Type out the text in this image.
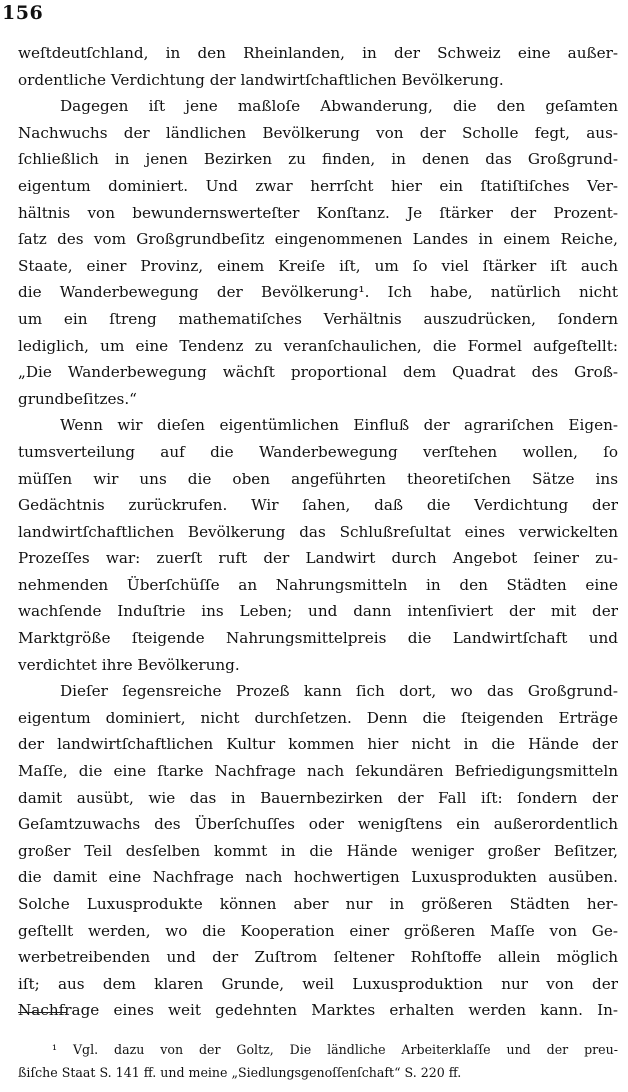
156
weſtdeutſchland, in den Rheinlanden, in der Schweiz eine außer-
ordentliche Verdichtung der landwirtſchaftlichen Bevölkerung.
Dagegen iſt jene maßloſe Abwanderung, die den geſamten
Nachwuchs der ländlichen Bevölkerung von der Scholle fegt, aus-
ſchließlich in jenen Bezirken zu finden, in denen das Großgrund-
eigentum dominiert. Und zwar herrſcht hier ein ſtatiſtiſches Ver-
hältnis von bewundernswerteſter Konſtanz. Je ſtärker der Prozent-
ſatz des vom Großgrundbeſitz eingenommenen Landes in einem Reiche,
Staate, einer Provinz, einem Kreiſe iſt, um ſo viel ſtärker iſt auch
die Wanderbewegung der Bevölkerung¹. Ich habe, natürlich nicht
um ein ſtreng mathematiſches Verhältnis auszudrücken, ſondern
lediglich, um eine Tendenz zu veranſchaulichen, die Formel aufgeſtellt:
„Die Wanderbewegung wächſt proportional dem Quadrat des Groß-
grundbeſitzes.“
Wenn wir dieſen eigentümlichen Einfluß der agrariſchen Eigen-
tumsverteilung auf die Wanderbewegung verſtehen wollen, ſo
müſſen wir uns die oben angeführten theoretiſchen Sätze ins
Gedächtnis zurückrufen. Wir ſahen, daß die Verdichtung der
landwirtſchaftlichen Bevölkerung das Schlußreſultat eines verwickelten
Prozeſſes war: zuerſt ruft der Landwirt durch Angebot ſeiner zu-
nehmenden Überſchüſſe an Nahrungsmitteln in den Städten eine
wachſende Induſtrie ins Leben; und dann intenſiviert der mit der
Marktgröße ſteigende Nahrungsmittelpreis die Landwirtſchaft und
verdichtet ihre Bevölkerung.
Dieſer ſegensreiche Prozeß kann ſich dort, wo das Großgrund-
eigentum dominiert, nicht durchſetzen. Denn die ſteigenden Erträge
der landwirtſchaftlichen Kultur kommen hier nicht in die Hände der
Maſſe, die eine ſtarke Nachfrage nach ſekundären Befriedigungsmitteln
damit ausübt, wie das in Bauernbezirken der Fall iſt: ſondern der
Geſamtzuwachs des Überſchuſſes oder wenigſtens ein außerordentlich
großer Teil desſelben kommt in die Hände weniger großer Beſitzer,
die damit eine Nachfrage nach hochwertigen Luxusprodukten ausüben.
Solche Luxusprodukte können aber nur in größeren Städten her-
geſtellt werden, wo die Kooperation einer größeren Maſſe von Ge-
werbetreibenden und der Zuſtrom ſeltener Rohſtoffe allein möglich
iſt; aus dem klaren Grunde, weil Luxusproduktion nur von der
Nachfrage eines weit gedehnten Marktes erhalten werden kann. In-
¹ Vgl. dazu von der Goltz, Die ländliche Arbeiterklaſſe und der preu-
ßiſche Staat S. 141 ff. und meine „Siedlungsgenoſſenſchaft“ S. 220 ff.
